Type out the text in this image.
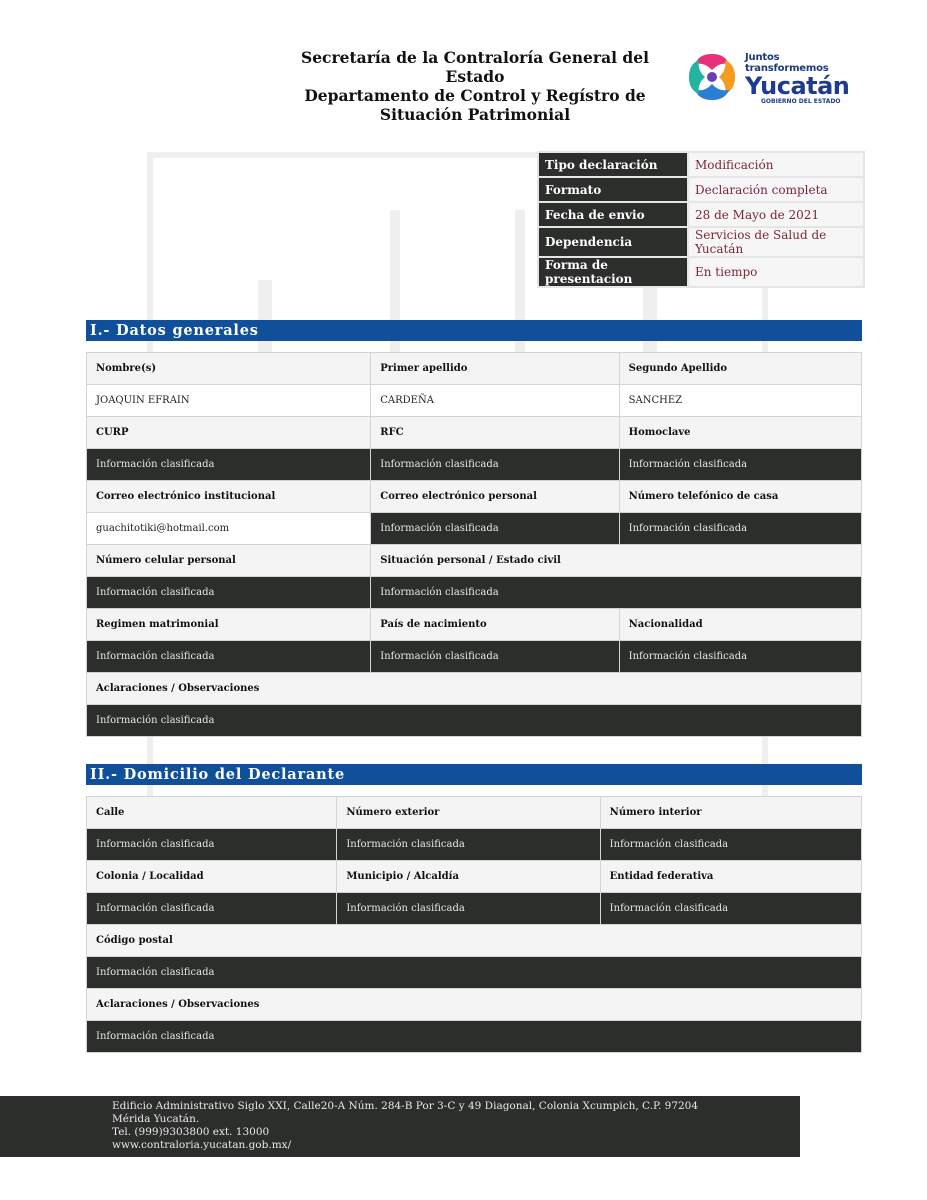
Secretaría de la Contraloría General del Estado
Departamento de Control y Regístro de
Situación Patrimonial
Juntos transformemos
Yucatán
GOBIERNO DEL ESTADO
Tipo declaración	Modificación
Formato	Declaración completa
Fecha de envio	28 de Mayo de 2021
Dependencia	Servicios de Salud de Yucatán
Forma de presentacion	En tiempo
I.- Datos generales
Nombre(s)	Primer apellido	Segundo Apellido
JOAQUIN EFRAIN	CARDEÑA	SANCHEZ
CURP	RFC	Homoclave
Información clasificada	Información clasificada	Información clasificada
Correo electrónico institucional	Correo electrónico personal	Número telefónico de casa
guachitotiki@hotmail.com	Información clasificada	Información clasificada
Número celular personal	Situación personal / Estado civil
Información clasificada	Información clasificada
Regimen matrimonial	País de nacimiento	Nacionalidad
Información clasificada	Información clasificada	Información clasificada
Aclaraciones / Observaciones
Información clasificada
II.- Domicilio del Declarante
Calle	Número exterior	Número interior
Información clasificada	Información clasificada	Información clasificada
Colonia / Localidad	Municipio / Alcaldía	Entidad federativa
Información clasificada	Información clasificada	Información clasificada
Código postal
Información clasificada
Aclaraciones / Observaciones
Información clasificada
Edificio Administrativo Siglo XXI, Calle20-A Núm. 284-B Por 3-C y 49 Diagonal, Colonia Xcumpich, C.P. 97204
Mérida Yucatán.
Tel. (999)9303800 ext. 13000
www.contraloria.yucatan.gob.mx/
